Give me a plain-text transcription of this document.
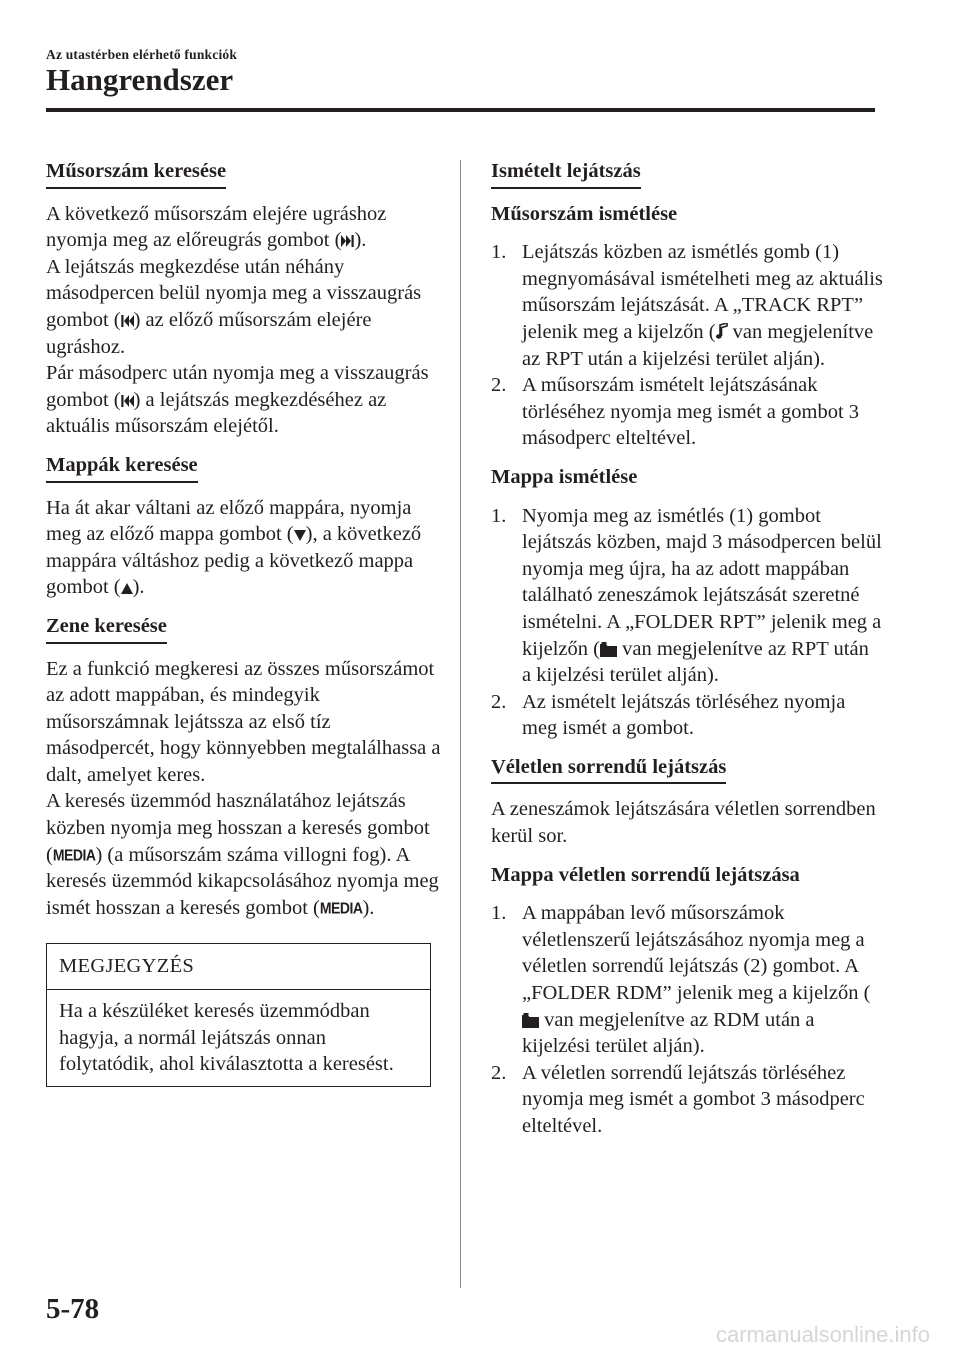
Az utastérben elérhető funkciók
Hangrendszer
Műsorszám keresése

A következő műsorszám elejére ugráshoz nyomja meg az előreugrás gombot ( ).

A lejátszás megkezdése után néhány másodpercen belül nyomja meg a visszaugrás gombot ( ) az előző műsorszám elejére ugráshoz.

Pár másodperc után nyomja meg a visszaugrás gombot ( ) a lejátszás megkezdéséhez az aktuális műsorszám elejétől.

Mappák keresése

Ha át akar váltani az előző mappára, nyomja meg az előző mappa gombot ( ), a következő mappára váltáshoz pedig a következő mappa gombot ( ).

Zene keresése

Ez a funkció megkeresi az összes műsorszámot az adott mappában, és mindegyik műsorszámnak lejátssza az első tíz másodpercét, hogy könnyebben megtalálhassa a dalt, amelyet keres.

A keresés üzemmód használatához lejátszás közben nyomja meg hosszan a keresés gombot (MEDIA) (a műsorszám száma villogni fog). A keresés üzemmód kikapcsolásához nyomja meg ismét hosszan a keresés gombot (MEDIA).

MEGJEGYZÉS
Ha a készüléket keresés üzemmódban hagyja, a normál lejátszás onnan folytatódik, ahol kiválasztotta a keresést.
Ismételt lejátszás

Műsorszám ismétlése

1. Lejátszás közben az ismétlés gomb (1) megnyomásával ismételheti meg az aktuális műsorszám lejátszását. A „TRACK RPT” jelenik meg a kijelzőn ( van megjelenítve az RPT után a kijelzési terület alján).
2. A műsorszám ismételt lejátszásának törléséhez nyomja meg ismét a gombot 3 másodperc elteltével.

Mappa ismétlése

1. Nyomja meg az ismétlés (1) gombot lejátszás közben, majd 3 másodpercen belül nyomja meg újra, ha az adott mappában található zeneszámok lejátszását szeretné ismételni. A „FOLDER RPT” jelenik meg a kijelzőn ( van megjelenítve az RPT után a kijelzési terület alján).
2. Az ismételt lejátszás törléséhez nyomja meg ismét a gombot.
Véletlen sorrendű lejátszás

A zeneszámok lejátszására véletlen sorrendben kerül sor.

Mappa véletlen sorrendű lejátszása

1. A mappában levő műsorszámok véletlenszerű lejátszásához nyomja meg a véletlen sorrendű lejátszás (2) gombot. A „FOLDER RDM” jelenik meg a kijelzőn ( van megjelenítve az RDM után a kijelzési terület alján).
2. A véletlen sorrendű lejátszás törléséhez nyomja meg ismét a gombot 3 másodperc elteltével.
5-78
carmanualsonline.info
